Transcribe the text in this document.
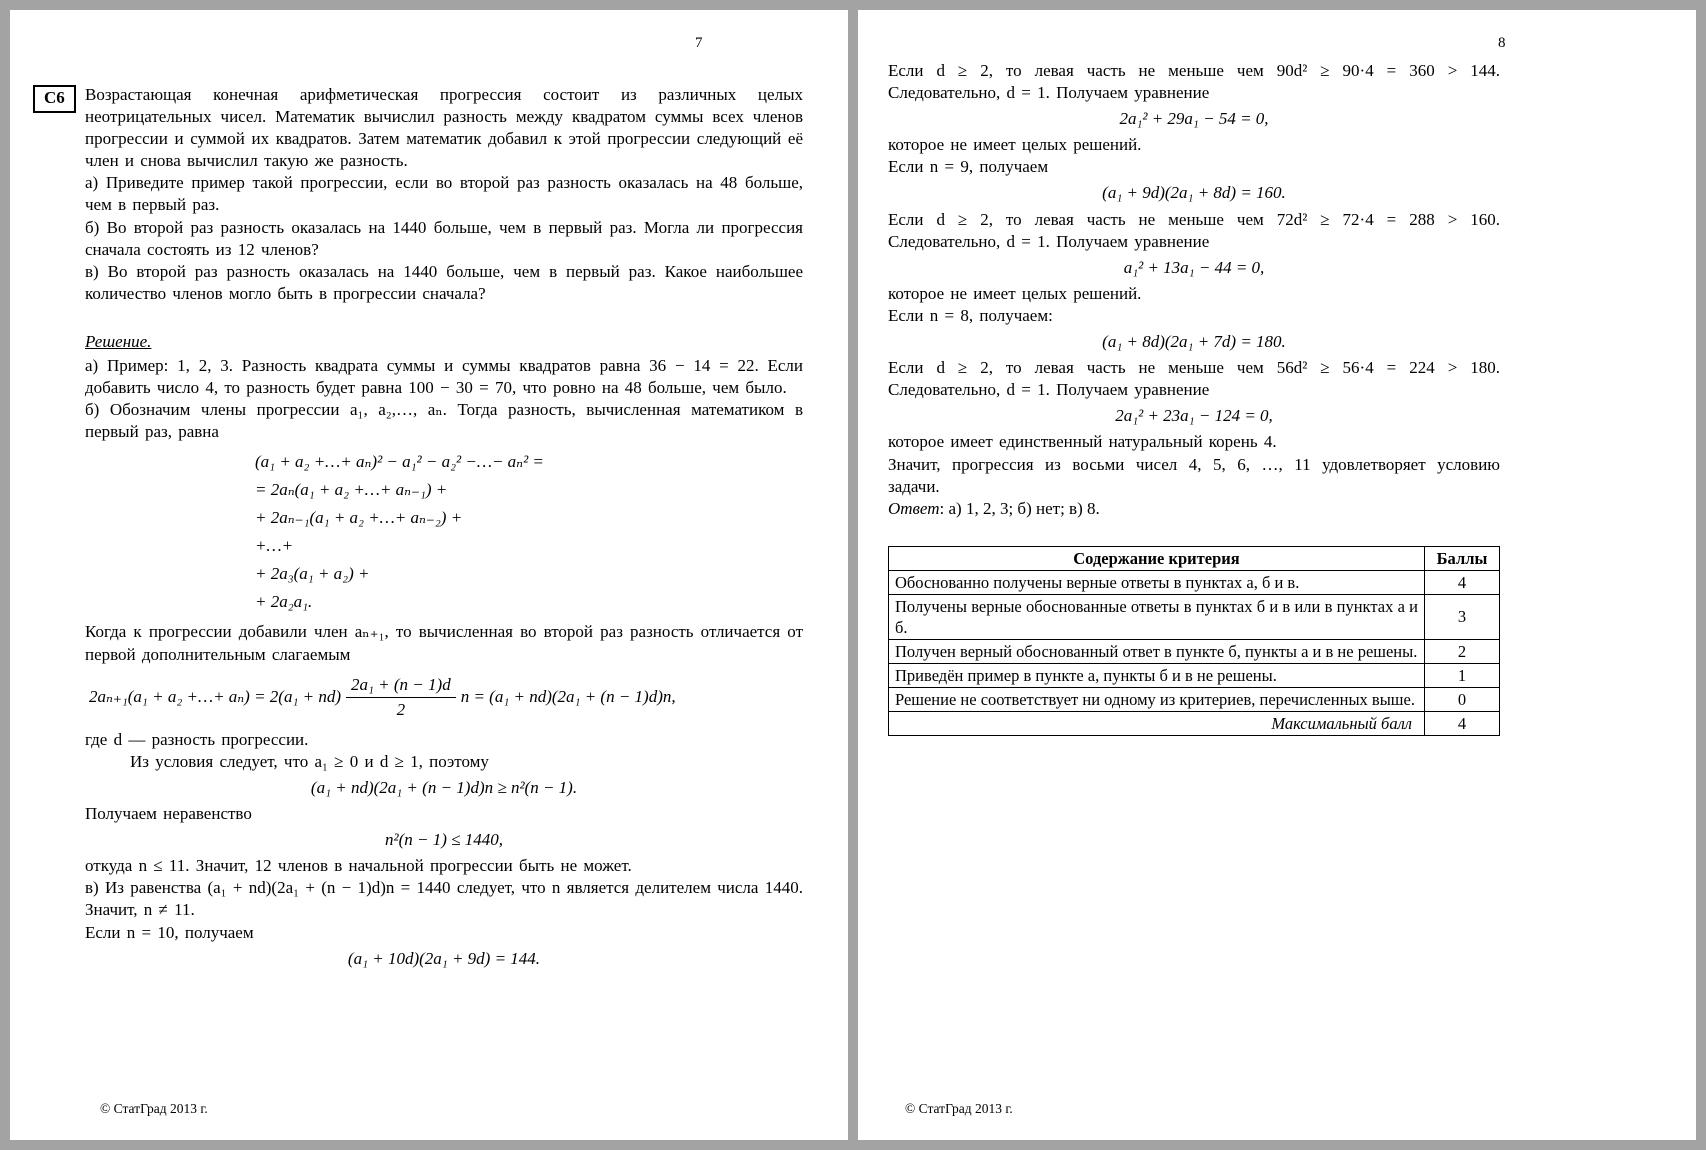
7
С6	Возрастающая конечная арифметическая прогрессия состоит из различных целых неотрицательных чисел. Математик вычислил разность между квадратом суммы всех членов прогрессии и суммой их квадратов. Затем математик добавил к этой прогрессии следующий её член и снова вычислил такую же разность.

а) Приведите пример такой прогрессии, если во второй раз разность оказалась на 48 больше, чем в первый раз.

б) Во второй раз разность оказалась на 1440 больше, чем в первый раз. Могла ли прогрессия сначала состоять из 12 членов?

в) Во второй раз разность оказалась на 1440 больше, чем в первый раз. Какое наибольшее количество членов могло быть в прогрессии сначала?

Решение.

а) Пример: 1, 2, 3. Разность квадрата суммы и суммы квадратов равна 36 − 14 = 22. Если добавить число 4, то разность будет равна 100 − 30 = 70, что ровно на 48 больше, чем было.

б) Обозначим члены прогрессии a₁, a₂,…, aₙ. Тогда разность, вычисленная математиком в первый раз, равна

(a₁ + a₂ +…+ aₙ)² − a₁² − a₂² −…− aₙ² =
= 2aₙ(a₁ + a₂ +…+ aₙ₋₁) +
+ 2aₙ₋₁(a₁ + a₂ +…+ aₙ₋₂) +
+…+
+ 2a₃(a₁ + a₂) +
+ 2a₂a₁.

Когда к прогрессии добавили член aₙ₊₁, то вычисленная во второй раз разность отличается от первой дополнительным слагаемым

2aₙ₊₁(a₁ + a₂ +…+ $a_n) = 2(a_1 + nd) \frac{\text{2a₁ + (n − 1)d}}{2}$ n = (a₁ + nd)(2a₁ + (n − 1)d)n,

где d — разность прогрессии.

Из условия следует, что a₁ ≥ 0 и d ≥ 1, поэтому

(a₁ + nd)(2a₁ + (n − 1)d)n ≥ n²(n − 1).

Получаем неравенство

n²(n − 1) ≤ 1440,

откуда n ≤ 11. Значит, 12 членов в начальной прогрессии быть не может.

в) Из равенства (a₁ + nd)(2a₁ + (n − 1)d)n = 1440 следует, что n является делителем числа 1440. Значит, n ≠ 11.

Если n = 10, получаем

(a₁ + 10d)(2a₁ + 9d) = 144.
© СтатГрад 2013 г.
8

Если d ≥ 2, то левая часть не меньше чем 90d² ≥ 90·4 = 360 > 144. Следовательно, d = 1. Получаем уравнение

2a₁² + 29a₁ − 54 = 0,

которое не имеет целых решений.

Если n = 9, получаем

(a₁ + 9d)(2a₁ + 8d) = 160.

Если d ≥ 2, то левая часть не меньше чем 72d² ≥ 72·4 = 288 > 160. Следовательно, d = 1. Получаем уравнение

a₁² + 13a₁ − 44 = 0,

которое не имеет целых решений.

Если n = 8, получаем:

(a₁ + 8d)(2a₁ + 7d) = 180.

Если d ≥ 2, то левая часть не меньше чем 56d² ≥ 56·4 = 224 > 180. Следовательно, d = 1. Получаем уравнение

2a₁² + 23a₁ − 124 = 0,

которое имеет единственный натуральный корень 4.

Значит, прогрессия из восьми чисел 4, 5, 6, …, 11 удовлетворяет условию задачи.

Ответ: а) 1, 2, 3; б) нет; в) 8.

Содержание критерия	Баллы
Обоснованно получены верные ответы в пунктах а, б и в.	4
Получены верные обоснованные ответы в пунктах б и в или в пунктах а и б.	3
Получен верный обоснованный ответ в пункте б, пункты а и в не решены.	2
Приведён пример в пункте а, пункты б и в не решены.	1
Решение не соответствует ни одному из критериев, перечисленных выше.	0
Максимальный балл	4
© СтатГрад 2013 г.
